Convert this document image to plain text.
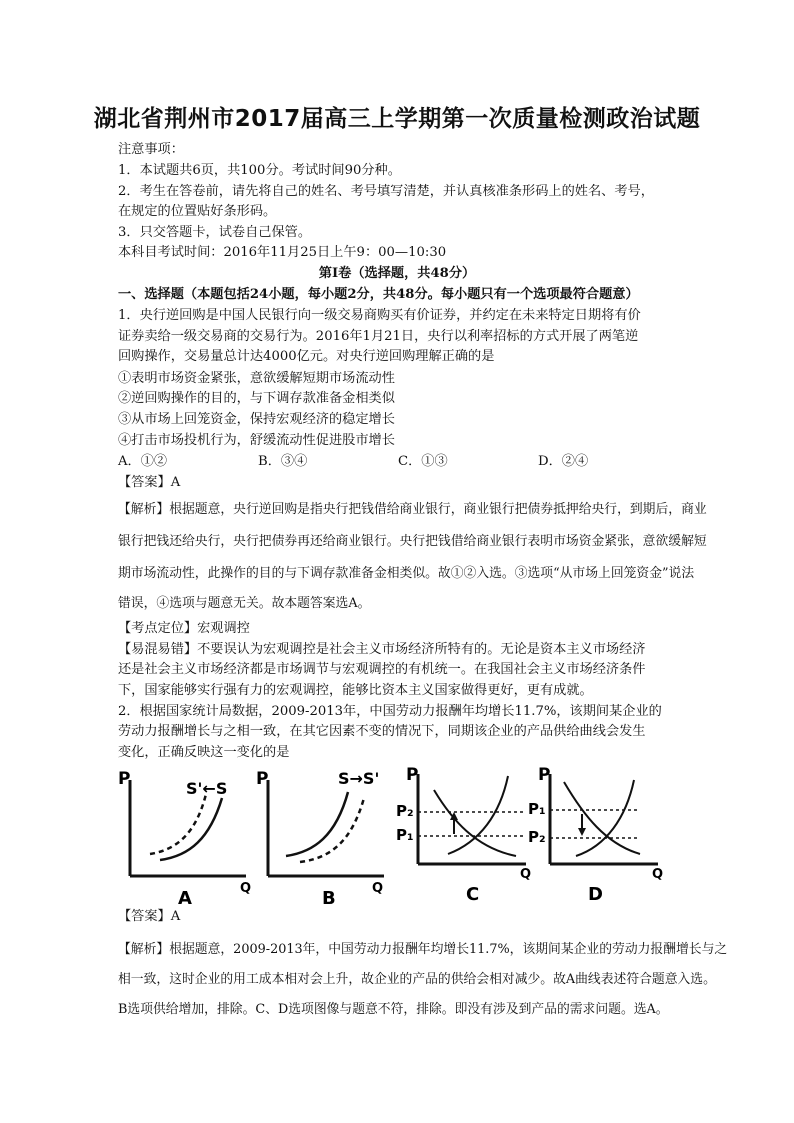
湖北省荆州市2017届高三上学期第一次质量检测政治试题
注意事项：
1．本试题共6页，共100分。考试时间90分种。
2．考生在答卷前，请先将自己的姓名、考号填写清楚，并认真核准条形码上的姓名、考号，
在规定的位置贴好条形码。
3．只交答题卡，试卷自己保管。
本科目考试时间：2016年11月25日上午9：00—10:30
第Ⅰ卷（选择题，共48分）
一、选择题（本题包括24小题，每小题2分，共48分。每小题只有一个选项最符合题意）
1．央行逆回购是中国人民银行向一级交易商购买有价证券，并约定在未来特定日期将有价
证券卖给一级交易商的交易行为。2016年1月21日，央行以利率招标的方式开展了两笔逆
回购操作，交易量总计达4000亿元。对央行逆回购理解正确的是
①表明市场资金紧张，意欲缓解短期市场流动性
②逆回购操作的目的，与下调存款准备金相类似
③从市场上回笼资金，保持宏观经济的稳定增长
④打击市场投机行为，舒缓流动性促进股市增长
A．①②	B．③④	C．①③	D．②④
【答案】A
【解析】根据题意，央行逆回购是指央行把钱借给商业银行，商业银行把债券抵押给央行，到期后，商业
银行把钱还给央行，央行把债券再还给商业银行。央行把钱借给商业银行表明市场资金紧张，意欲缓解短
期市场流动性，此操作的目的与下调存款准备金相类似。故①②入选。③选项“从市场上回笼资金”说法
错误，④选项与题意无关。故本题答案选A。
【考点定位】宏观调控
【易混易错】不要误认为宏观调控是社会主义市场经济所特有的。无论是资本主义市场经济
还是社会主义市场经济都是市场调节与宏观调控的有机统一。在我国社会主义市场经济条件
下，国家能够实行强有力的宏观调控，能够比资本主义国家做得更好，更有成就。
2．根据国家统计局数据，2009-2013年，中国劳动力报酬年均增长11.7%，该期间某企业的
劳动力报酬增长与之相一致，在其它因素不变的情况下，同期该企业的产品供给曲线会发生
变化，正确反映这一变化的是
P
Q
A
S'←S P
Q
B
S→S' P
Q
C
P₂
P₁
P
Q
D
P₁
P₂
【答案】A
【解析】根据题意，2009-2013年，中国劳动力报酬年均增长11.7%，该期间某企业的劳动力报酬增长与之
相一致，这时企业的用工成本相对会上升，故企业的产品的供给会相对减少。故A曲线表述符合题意入选。
B选项供给增加，排除。C、D选项图像与题意不符，排除。即没有涉及到产品的需求问题。选A。
